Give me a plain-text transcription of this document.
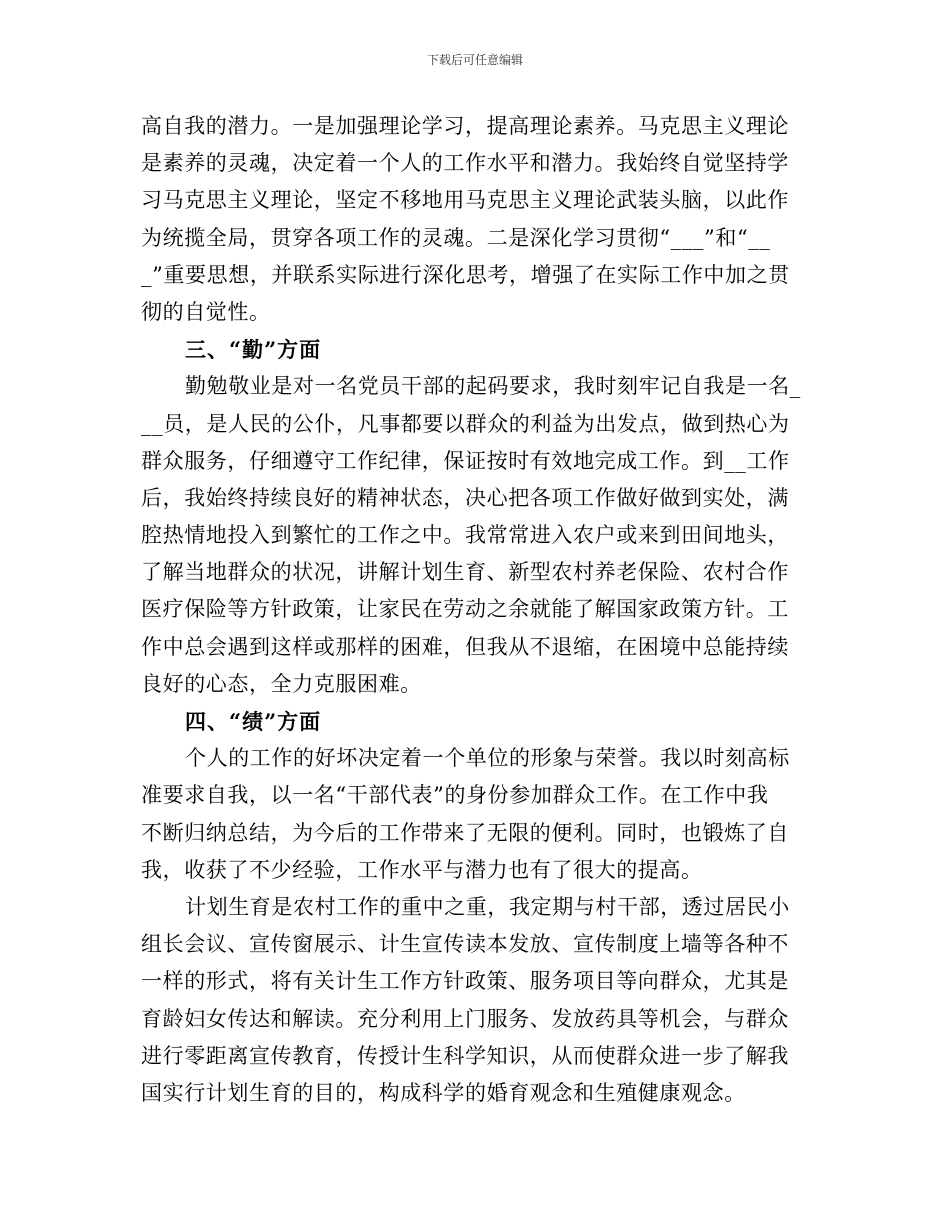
下载后可任意编辑
高自我的潜力。一是加强理论学习，提高理论素养。马克思主义理论
是素养的灵魂，决定着一个人的工作水平和潜力。我始终自觉坚持学
习马克思主义理论，坚定不移地用马克思主义理论武装头脑，以此作
为统揽全局，贯穿各项工作的灵魂。二是深化学习贯彻“___”和“__
_”重要思想，并联系实际进行深化思考，增强了在实际工作中加之贯
彻的自觉性。
三、“勤”方面
勤勉敬业是对一名党员干部的起码要求，我时刻牢记自我是一名_
__员，是人民的公仆，凡事都要以群众的利益为出发点，做到热心为
群众服务，仔细遵守工作纪律，保证按时有效地完成工作。到__工作
后，我始终持续良好的精神状态，决心把各项工作做好做到实处，满
腔热情地投入到繁忙的工作之中。我常常进入农户或来到田间地头，
了解当地群众的状况，讲解计划生育、新型农村养老保险、农村合作
医疗保险等方针政策，让家民在劳动之余就能了解国家政策方针。工
作中总会遇到这样或那样的困难，但我从不退缩，在困境中总能持续
良好的心态，全力克服困难。
四、“绩”方面
个人的工作的好坏决定着一个单位的形象与荣誉。我以时刻高标
准要求自我，以一名“干部代表”的身份参加群众工作。在工作中我
不断归纳总结，为今后的工作带来了无限的便利。同时，也锻炼了自
我，收获了不少经验，工作水平与潜力也有了很大的提高。
计划生育是农村工作的重中之重，我定期与村干部，透过居民小
组长会议、宣传窗展示、计生宣传读本发放、宣传制度上墙等各种不
一样的形式，将有关计生工作方针政策、服务项目等向群众，尤其是
育龄妇女传达和解读。充分利用上门服务、发放药具等机会，与群众
进行零距离宣传教育，传授计生科学知识，从而使群众进一步了解我
国实行计划生育的目的，构成科学的婚育观念和生殖健康观念。
